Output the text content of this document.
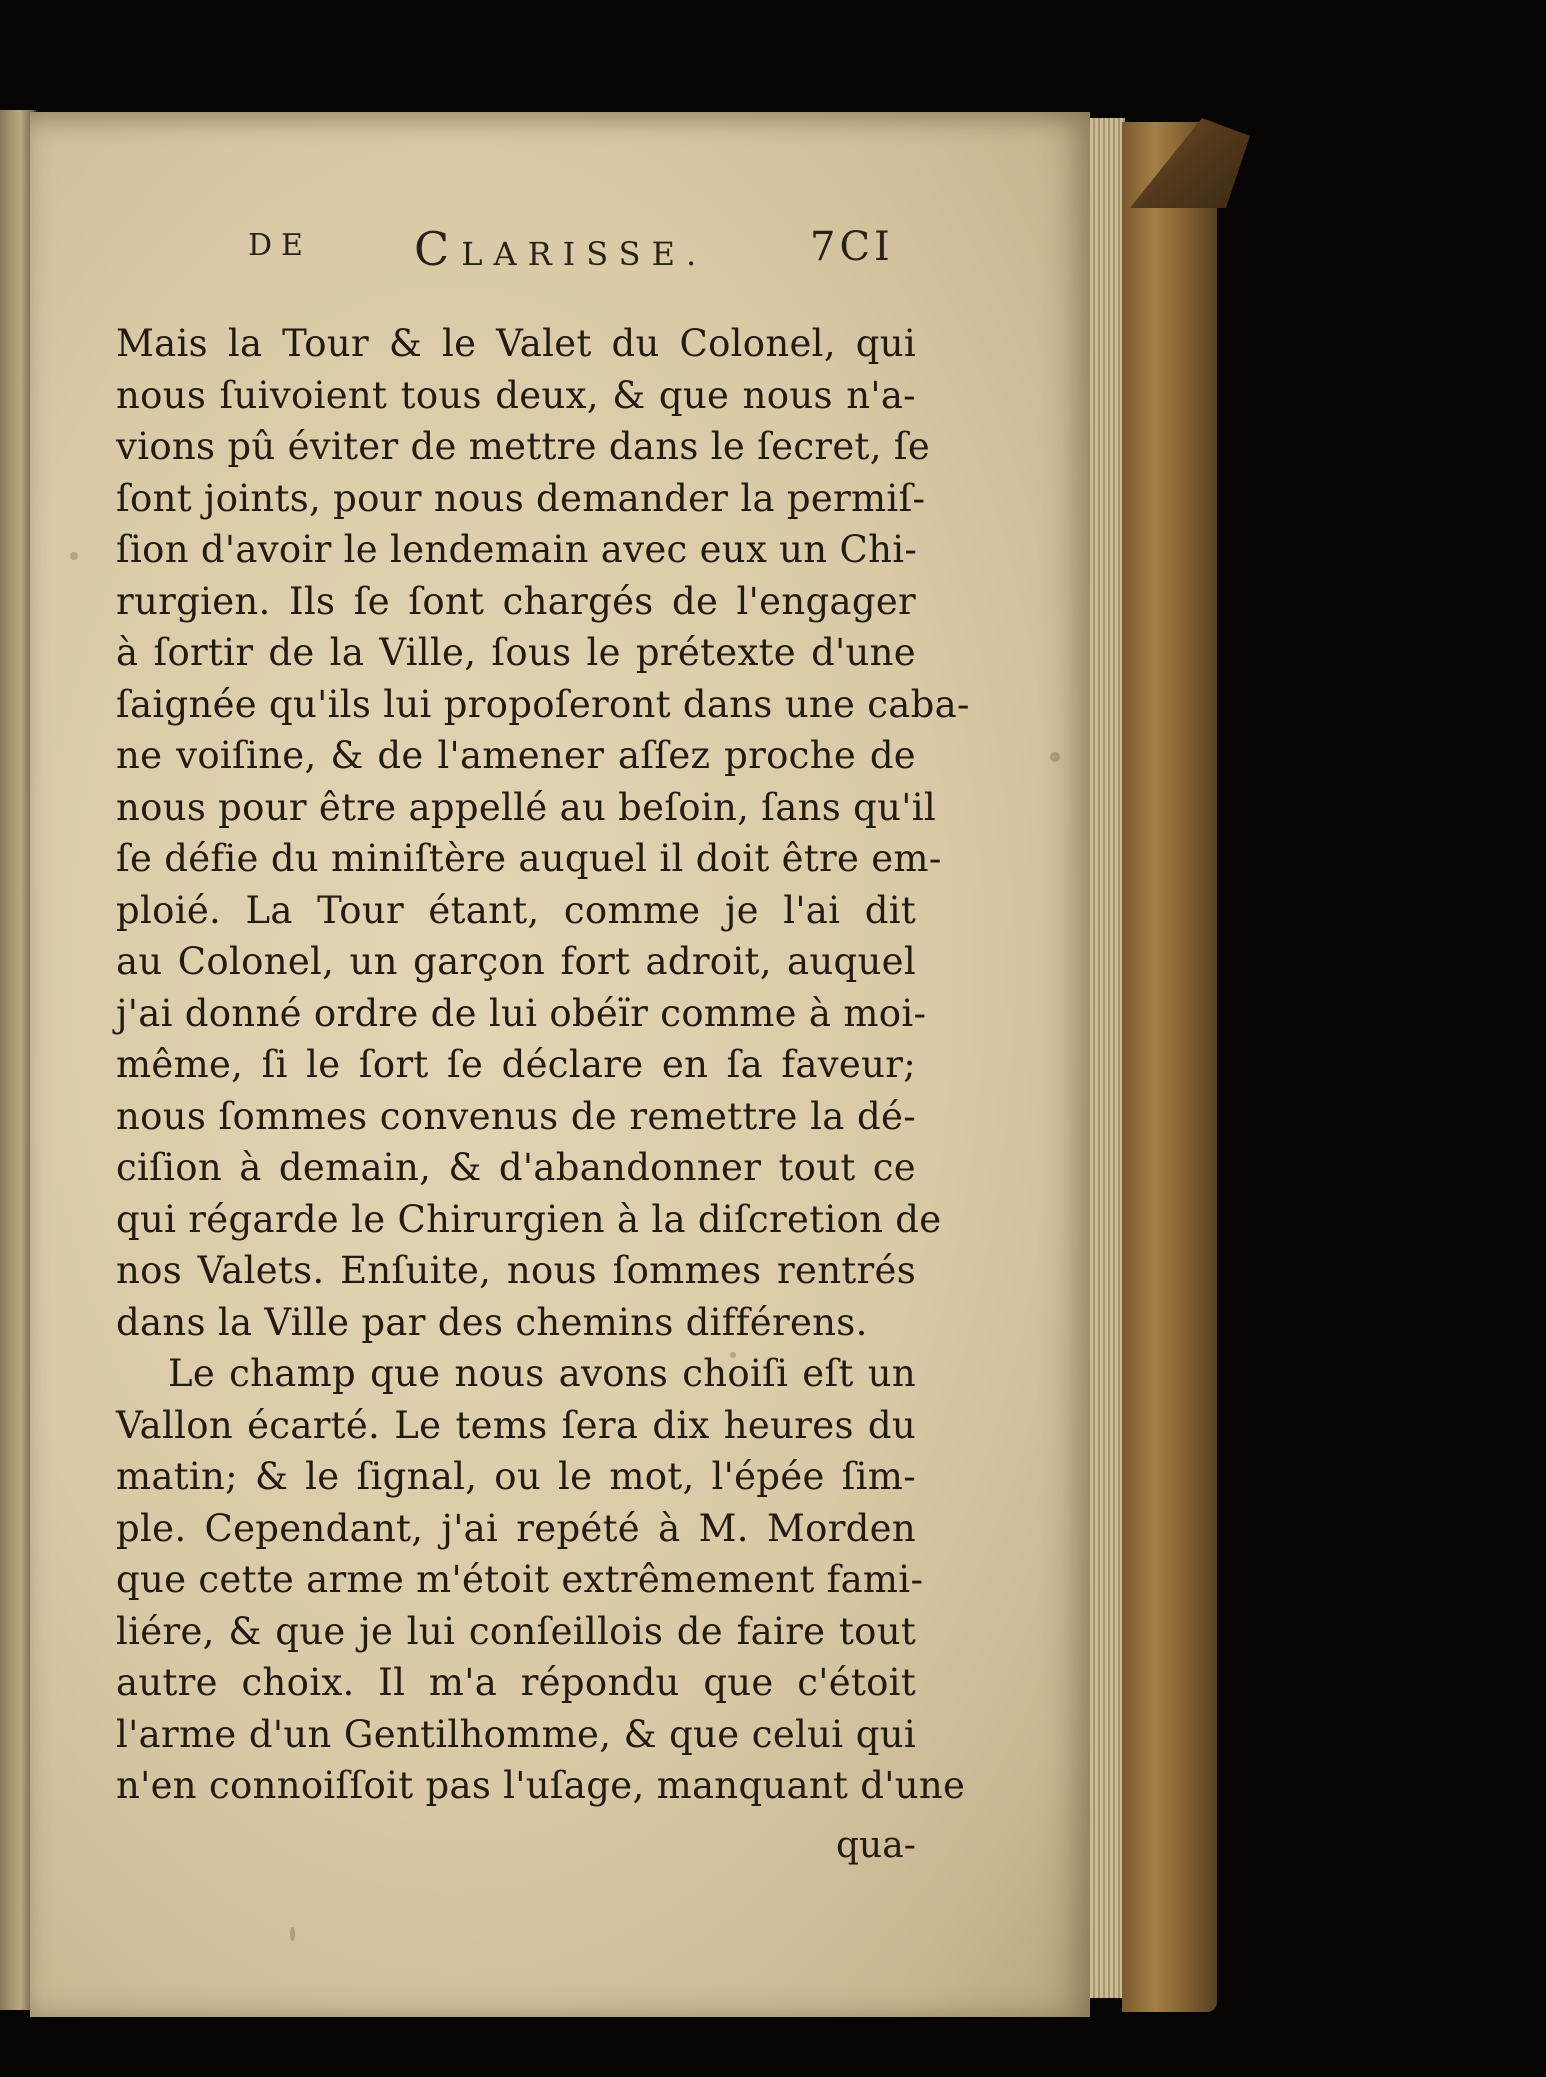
DE CLARISSE.	7CI
Mais la Tour & le Valet du Colonel, qui
nous ſuivoient tous deux, & que nous n'a-
vions pû éviter de mettre dans le ſecret, ſe
ſont joints, pour nous demander la permiſ-
ſion d'avoir le lendemain avec eux un Chi-
rurgien. Ils ſe ſont chargés de l'engager
à ſortir de la Ville, ſous le prétexte d'une
ſaignée qu'ils lui propoſeront dans une caba-
ne voiſine, & de l'amener aſſez proche de
nous pour être appellé au beſoin, ſans qu'il
ſe défie du miniſtère auquel il doit être em-
ploié. La Tour étant, comme je l'ai dit
au Colonel, un garçon fort adroit, auquel
j'ai donné ordre de lui obéïr comme à moi-
même, ſi le ſort ſe déclare en ſa faveur;
nous ſommes convenus de remettre la dé-
ciſion à demain, & d'abandonner tout ce
qui régarde le Chirurgien à la diſcretion de
nos Valets. Enſuite, nous ſommes rentrés
dans la Ville par des chemins différens.
Le champ que nous avons choiſi eſt un
Vallon écarté. Le tems ſera dix heures du
matin; & le ſignal, ou le mot, l'épée ſim-
ple. Cependant, j'ai repété à M. Morden
que cette arme m'étoit extrêmement fami-
liére, & que je lui conſeillois de faire tout
autre choix. Il m'a répondu que c'étoit
l'arme d'un Gentilhomme, & que celui qui
n'en connoiſſoit pas l'uſage, manquant d'une
qua-
